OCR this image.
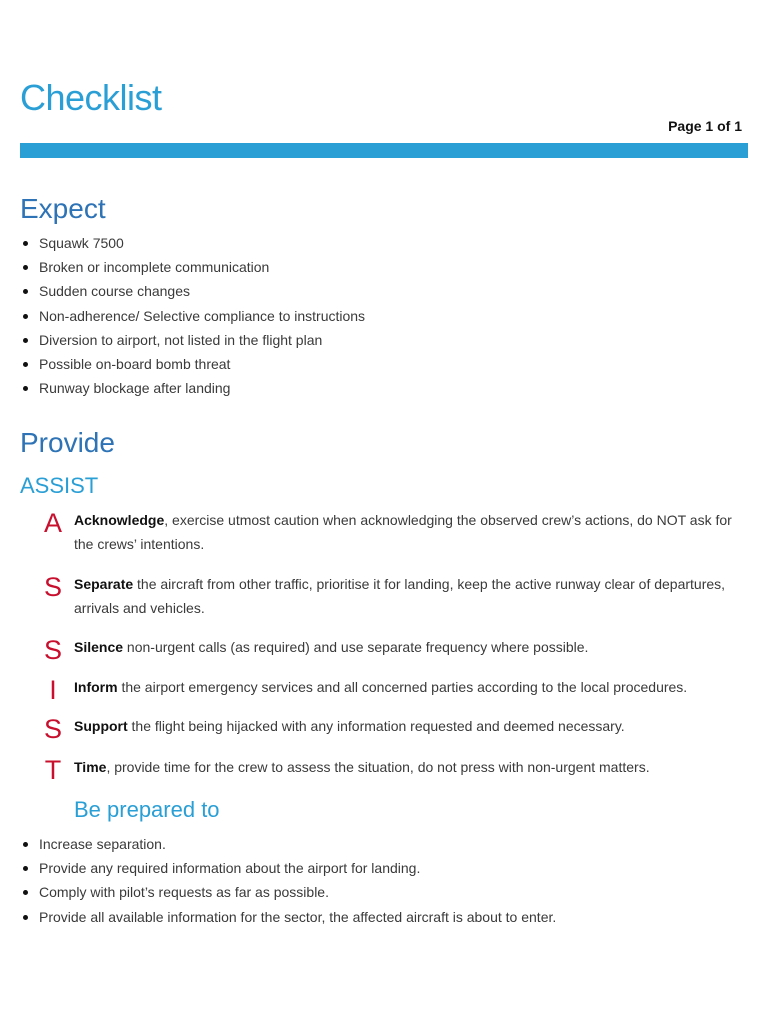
Checklist
Page 1 of 1
Expect
Squawk 7500
Broken or incomplete communication
Sudden course changes
Non-adherence/ Selective compliance to instructions
Diversion to airport, not listed in the flight plan
Possible on-board bomb threat
Runway blockage after landing
Provide
ASSIST
A Acknowledge, exercise utmost caution when acknowledging the observed crew’s actions, do NOT ask for the crews’ intentions.
S Separate the aircraft from other traffic, prioritise it for landing, keep the active runway clear of departures, arrivals and vehicles.
S Silence non-urgent calls (as required) and use separate frequency where possible.
I	Inform the airport emergency services and all concerned parties according to the local procedures.
S Support the flight being hijacked with any information requested and deemed necessary.
T Time, provide time for the crew to assess the situation, do not press with non-urgent matters.
Be prepared to
Increase separation.
Provide any required information about the airport for landing.
Comply with pilot’s requests as far as possible.
Provide all available information for the sector, the affected aircraft is about to enter.
